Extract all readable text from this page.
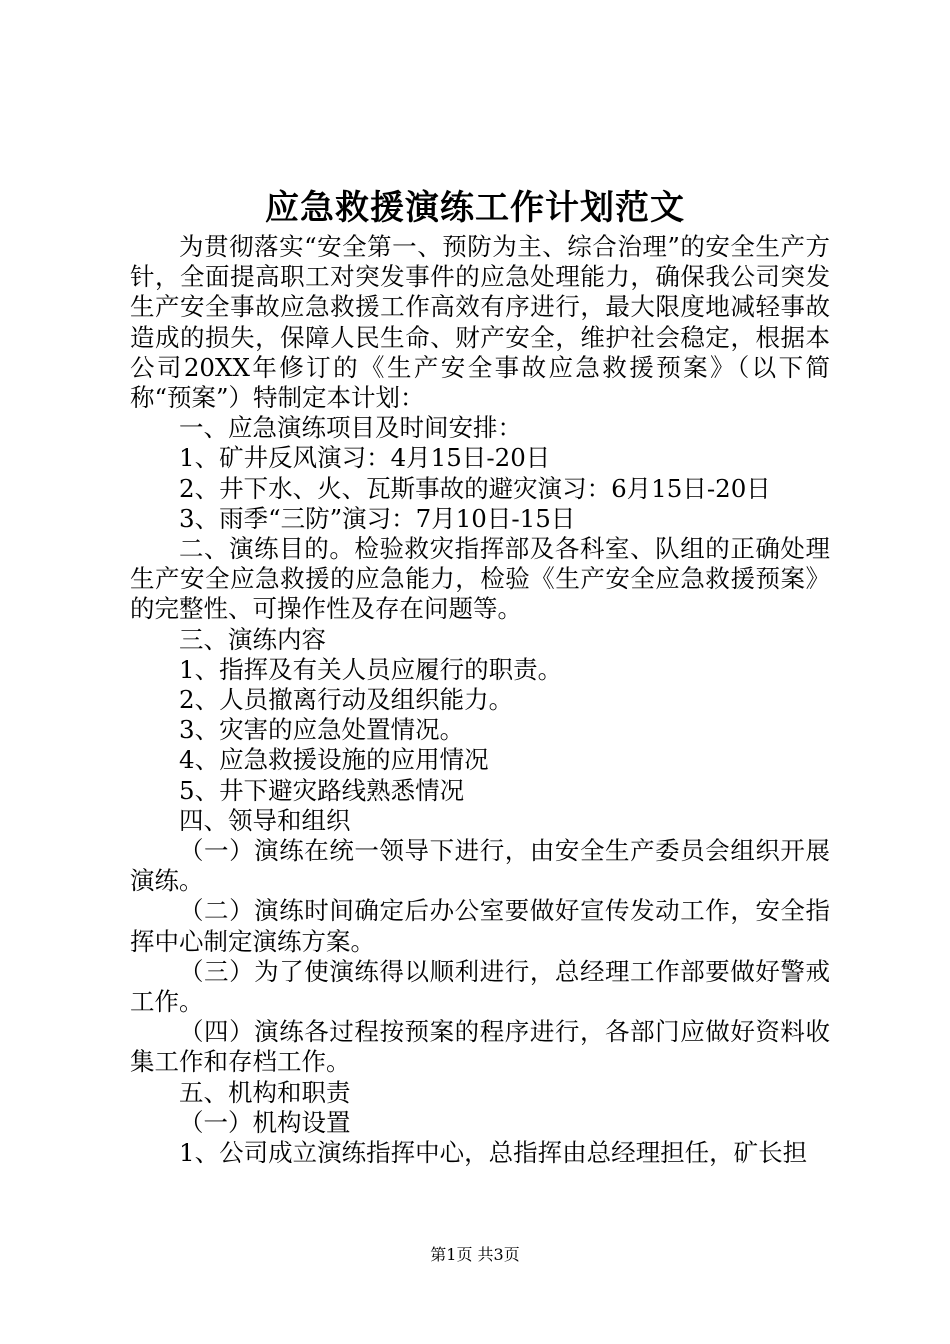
应急救援演练工作计划范文

为贯彻落实“安全第一、预防为主、综合治理”的安全生产方针，全面提高职工对突发事件的应急处理能力，确保我公司突发生产安全事故应急救援工作高效有序进行，最大限度地减轻事故造成的损失，保障人民生命、财产安全，维护社会稳定，根据本公司20XX年修订的《生产安全事故应急救援预案》（以下简称“预案”）特制定本计划：

一、应急演练项目及时间安排：

1、矿井反风演习：4月15日-20日

2、井下水、火、瓦斯事故的避灾演习：6月15日-20日

3、雨季“三防”演习：7月10日-15日

二、演练目的。检验救灾指挥部及各科室、队组的正确处理生产安全应急救援的应急能力，检验《生产安全应急救援预案》的完整性、可操作性及存在问题等。

三、演练内容

1、指挥及有关人员应履行的职责。

2、人员撤离行动及组织能力。

3、灾害的应急处置情况。

4、应急救援设施的应用情况

5、井下避灾路线熟悉情况

四、领导和组织

（一）演练在统一领导下进行，由安全生产委员会组织开展演练。

（二）演练时间确定后办公室要做好宣传发动工作，安全指挥中心制定演练方案。

（三）为了使演练得以顺利进行，总经理工作部要做好警戒工作。

（四）演练各过程按预案的程序进行，各部门应做好资料收集工作和存档工作。

五、机构和职责

（一）机构设置

1、公司成立演练指挥中心，总指挥由总经理担任，矿长担

第1页 共3页
